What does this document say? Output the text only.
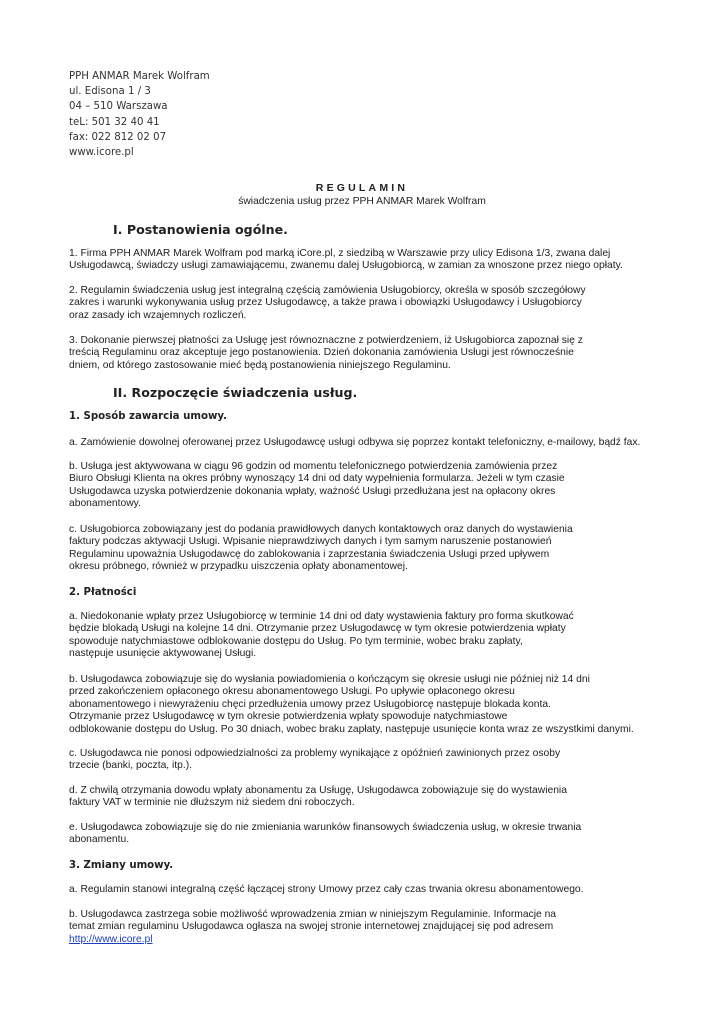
PPH ANMAR Marek Wolfram
ul. Edisona 1 / 3
04 – 510 Warszawa
teL: 501 32 40 41
fax: 022 812 02 07
www.icore.pl
REGULAMIN
świadczenia usług przez PPH ANMAR Marek Wolfram
I. Postanowienia ogólne.
1. Firma PPH ANMAR Marek Wolfram pod marką iCore.pl, z siedzibą w Warszawie przy ulicy Edisona 1/3, zwana dalej
Usługodawcą, świadczy usługi zamawiającemu, zwanemu dalej Usługobiorcą, w zamian za wnoszone przez niego opłaty.
2. Regulamin świadczenia usług jest integralną częścią zamówienia Usługobiorcy, określa w sposób szczegółowy
zakres i warunki wykonywania usług przez Usługodawcę, a także prawa i obowiązki Usługodawcy i Usługobiorcy
oraz zasady ich wzajemnych rozliczeń.
3. Dokonanie pierwszej płatności za Usługę jest równoznaczne z potwierdzeniem, iż Usługobiorca zapoznał się z
treścią Regulaminu oraz akceptuje jego postanowienia. Dzień dokonania zamówienia Usługi jest równocześnie
dniem, od którego zastosowanie mieć będą postanowienia niniejszego Regulaminu.
II. Rozpoczęcie świadczenia usług.
1. Sposób zawarcia umowy.
a. Zamówienie dowolnej oferowanej przez Usługodawcę usługi odbywa się poprzez kontakt telefoniczny, e-mailowy, bądź fax.
b. Usługa jest aktywowana w ciągu 96 godzin od momentu telefonicznego potwierdzenia zamówienia przez
Biuro Obsługi Klienta na okres próbny wynoszący 14 dni od daty wypełnienia formularza. Jeżeli w tym czasie
Usługodawca uzyska potwierdzenie dokonania wpłaty, ważność Usługi przedłużana jest na opłacony okres
abonamentowy.
c. Usługobiorca zobowiązany jest do podania prawidłowych danych kontaktowych oraz danych do wystawienia
faktury podczas aktywacji Usługi. Wpisanie nieprawdziwych danych i tym samym naruszenie postanowień
Regulaminu upoważnia Usługodawcę do zablokowania i zaprzestania świadczenia Usługi przed upływem
okresu próbnego, również w przypadku uiszczenia opłaty abonamentowej.
2. Płatności
a. Niedokonanie wpłaty przez Usługobiorcę w terminie 14 dni od daty wystawienia faktury pro forma skutkować
będzie blokadą Usługi na kolejne 14 dni. Otrzymanie przez Usługodawcę w tym okresie potwierdzenia wpłaty
spowoduje natychmiastowe odblokowanie dostępu do Usług. Po tym terminie, wobec braku zapłaty,
następuje usunięcie aktywowanej Usługi.
b. Usługodawca zobowiązuje się do wysłania powiadomienia o kończącym się okresie usługi nie później niż 14 dni
przed zakończeniem opłaconego okresu abonamentowego Usługi. Po upływie opłaconego okresu
abonamentowego i niewyrażeniu chęci przedłużenia umowy przez Usługobiorcę następuje blokada konta.
Otrzymanie przez Usługodawcę w tym okresie potwierdzenia wpłaty spowoduje natychmiastowe
odblokowanie dostępu do Usług. Po 30 dniach, wobec braku zapłaty, następuje usunięcie konta wraz ze wszystkimi danymi.
c. Usługodawca nie ponosi odpowiedzialności za problemy wynikające z opóźnień zawinionych przez osoby
trzecie (banki, poczta, itp.).
d. Z chwilą otrzymania dowodu wpłaty abonamentu za Usługę, Usługodawca zobowiązuje się do wystawienia
faktury VAT w terminie nie dłuższym niż siedem dni roboczych.
e. Usługodawca zobowiązuje się do nie zmieniania warunków finansowych świadczenia usług, w okresie trwania
abonamentu.
3. Zmiany umowy.
a. Regulamin stanowi integralną część łączącej strony Umowy przez cały czas trwania okresu abonamentowego.
b. Usługodawca zastrzega sobie możliwość wprowadzenia zmian w niniejszym Regulaminie. Informacje na
temat zmian regulaminu Usługodawca ogłasza na swojej stronie internetowej znajdującej się pod adresem
http://www.icore.pl
